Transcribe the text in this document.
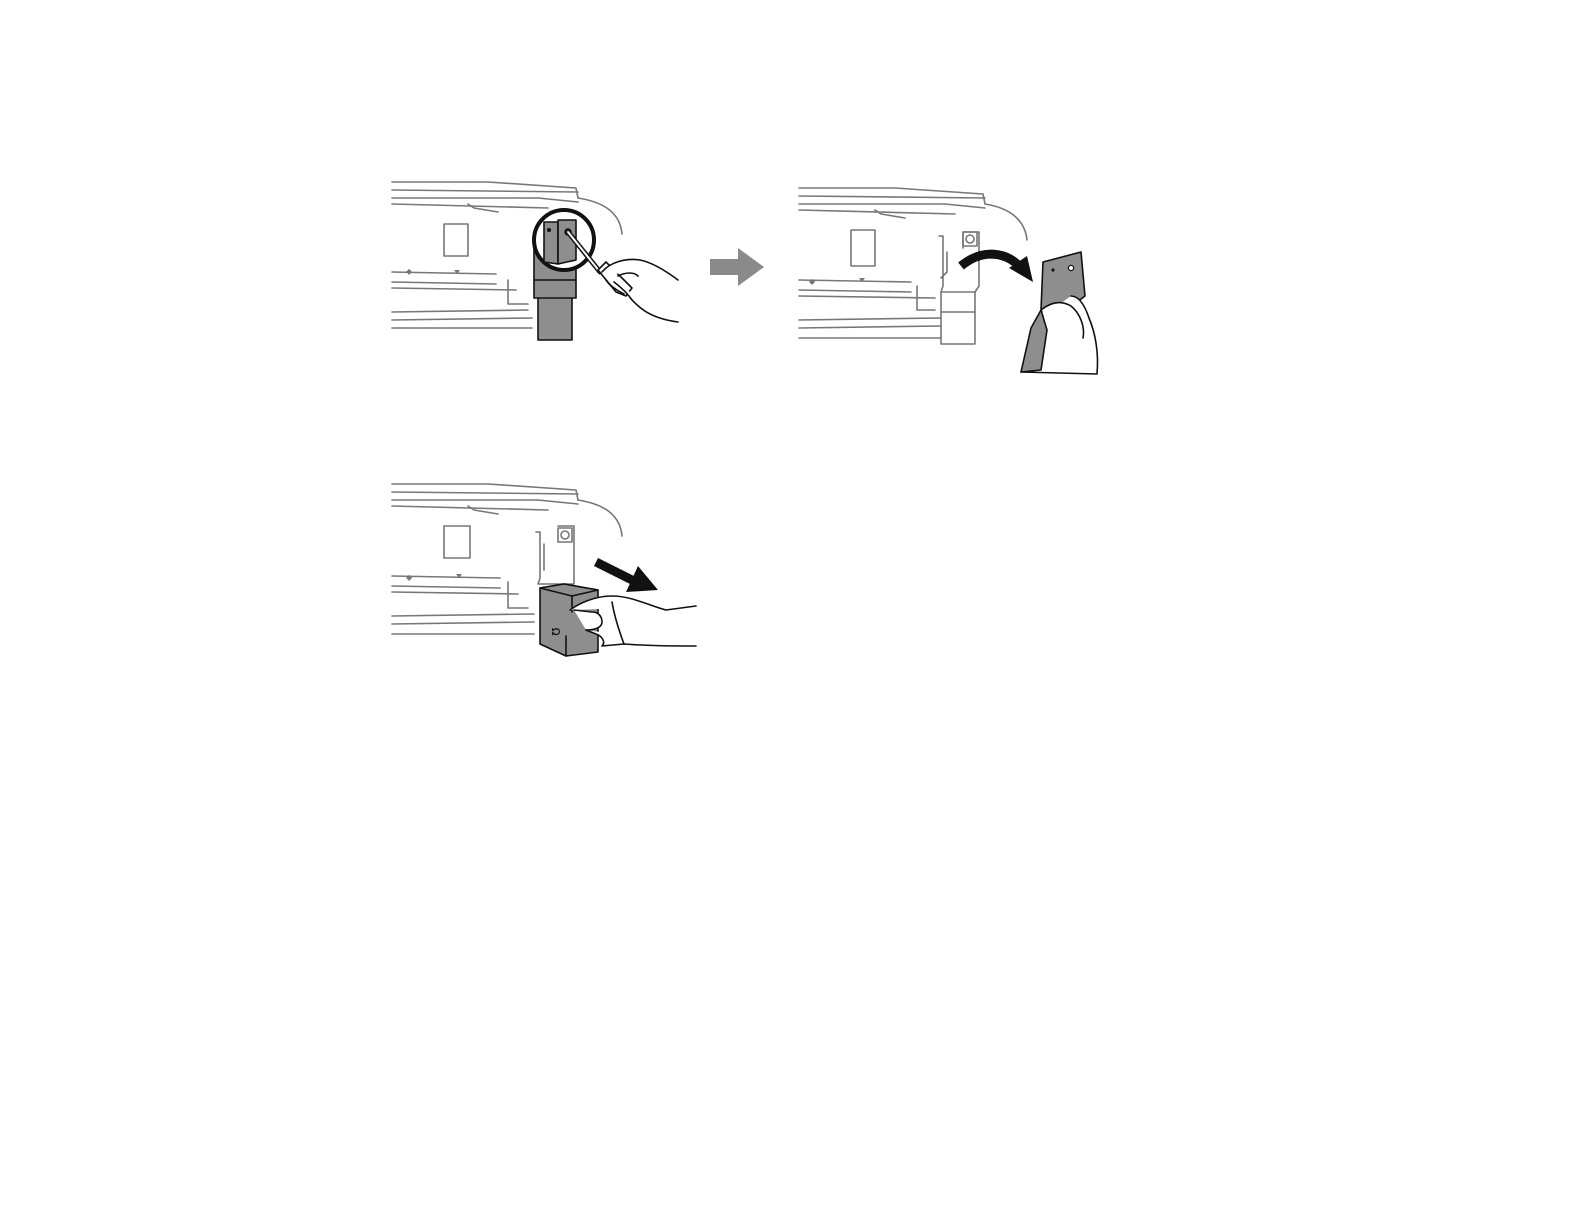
◆
◆
◆
ʊ
